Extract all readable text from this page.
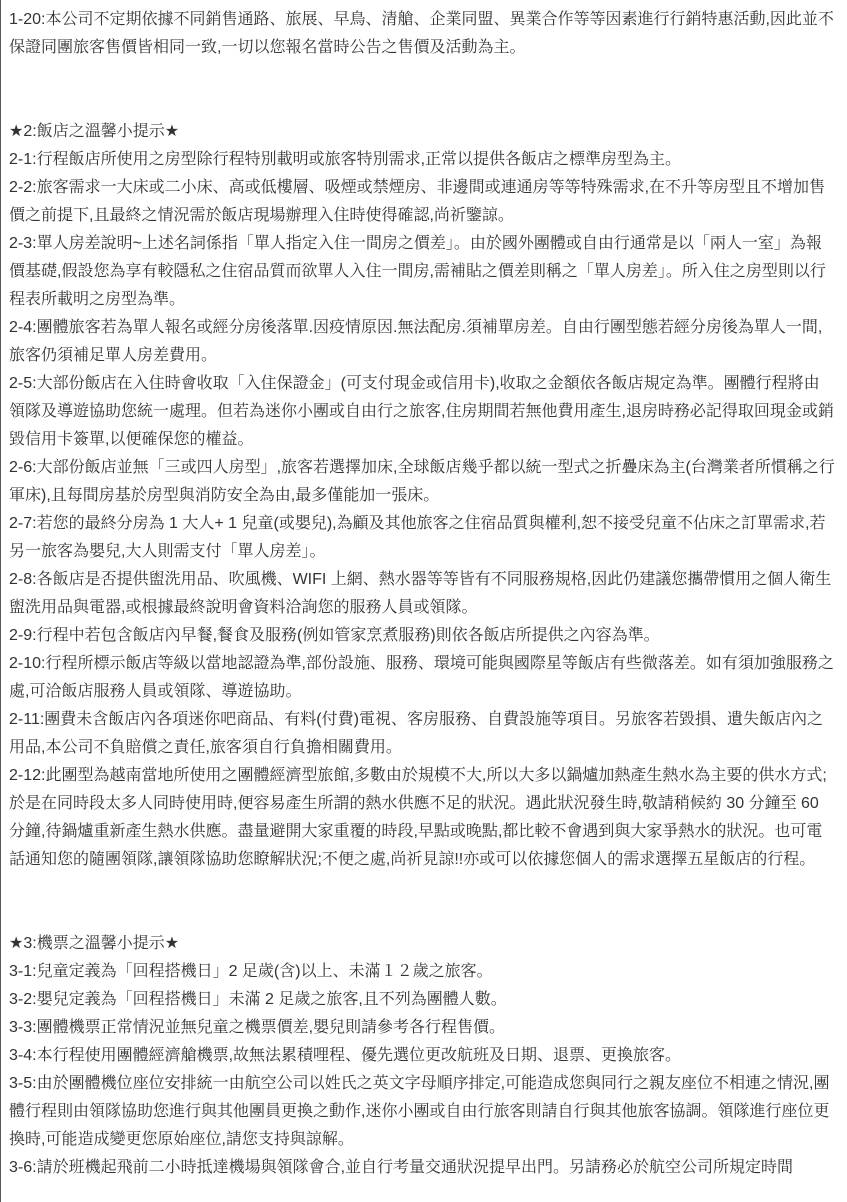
1-20:本公司不定期依據不同銷售通路、旅展、早鳥、清艙、企業同盟、異業合作等等因素進行行銷特惠活動,因此並不保證同團旅客售價皆相同一致,一切以您報名當時公告之售價及活動為主。

★2:飯店之溫馨小提示★

2-1:行程飯店所使用之房型除行程特別載明或旅客特別需求,正常以提供各飯店之標準房型為主。

2-2:旅客需求一大床或二小床、高或低樓層、吸煙或禁煙房、非邊間或連通房等等特殊需求,在不升等房型且不增加售價之前提下,且最終之情況需於飯店現場辦理入住時使得確認,尚祈鑒諒。

2-3:單人房差說明~上述名詞係指「單人指定入住一間房之價差」。由於國外團體或自由行通常是以「兩人一室」為報價基礎,假設您為享有較隱私之住宿品質而欲單人入住一間房,需補貼之價差則稱之「單人房差」。所入住之房型則以行程表所載明之房型為準。

2-4:團體旅客若為單人報名或經分房後落單.因疫情原因.無法配房.須補單房差。自由行團型態若經分房後為單人一間,旅客仍須補足單人房差費用。

2-5:大部份飯店在入住時會收取「入住保證金」(可支付現金或信用卡),收取之金額依各飯店規定為準。團體行程將由領隊及導遊協助您統一處理。但若為迷你小團或自由行之旅客,住房期間若無他費用產生,退房時務必記得取回現金或銷毀信用卡簽單,以便確保您的權益。

2-6:大部份飯店並無「三或四人房型」,旅客若選擇加床,全球飯店幾乎都以統一型式之折疊床為主(台灣業者所慣稱之行軍床),且每間房基於房型與消防安全為由,最多僅能加一張床。

2-7:若您的最終分房為 1 大人+ 1 兒童(或嬰兒),為顧及其他旅客之住宿品質與權利,恕不接受兒童不佔床之訂單需求,若另一旅客為嬰兒,大人則需支付「單人房差」。

2-8:各飯店是否提供盥洗用品、吹風機、WIFI 上網、熱水器等等皆有不同服務規格,因此仍建議您攜帶慣用之個人衛生盥洗用品與電器,或根據最終說明會資料洽詢您的服務人員或領隊。

2-9:行程中若包含飯店內早餐,餐食及服務(例如管家烹煮服務)則依各飯店所提供之內容為準。

2-10:行程所標示飯店等級以當地認證為準,部份設施、服務、環境可能與國際星等飯店有些微落差。如有須加強服務之處,可洽飯店服務人員或領隊、導遊協助。

2-11:團費未含飯店內各項迷你吧商品、有料(付費)電視、客房服務、自費設施等項目。另旅客若毀損、遺失飯店內之用品,本公司不負賠償之責任,旅客須自行負擔相關費用。

2-12:此團型為越南當地所使用之團體經濟型旅館,多數由於規模不大,所以大多以鍋爐加熱產生熱水為主要的供水方式;於是在同時段太多人同時使用時,便容易產生所謂的熱水供應不足的狀況。遇此狀況發生時,敬請稍候約 30 分鐘至 60 分鐘,待鍋爐重新產生熱水供應。盡量避開大家重覆的時段,早點或晚點,都比較不會遇到與大家爭熱水的狀況。也可電話通知您的隨團領隊,讓領隊協助您瞭解狀況;不便之處,尚祈見諒!!亦或可以依據您個人的需求選擇五星飯店的行程。

★3:機票之溫馨小提示★

3-1:兒童定義為「回程搭機日」2 足歲(含)以上、未滿１２歲之旅客。

3-2:嬰兒定義為「回程搭機日」未滿 2 足歲之旅客,且不列為團體人數。

3-3:團體機票正常情況並無兒童之機票價差,嬰兒則請參考各行程售價。

3-4:本行程使用團體經濟艙機票,故無法累積哩程、優先選位更改航班及日期、退票、更換旅客。

3-5:由於團體機位座位安排統一由航空公司以姓氏之英文字母順序排定,可能造成您與同行之親友座位不相連之情況,團體行程則由領隊協助您進行與其他團員更換之動作,迷你小團或自由行旅客則請自行與其他旅客協調。領隊進行座位更換時,可能造成變更您原始座位,請您支持與諒解。

3-6:請於班機起飛前二小時抵達機場與領隊會合,並自行考量交通狀況提早出門。另請務必於航空公司所規定時間
